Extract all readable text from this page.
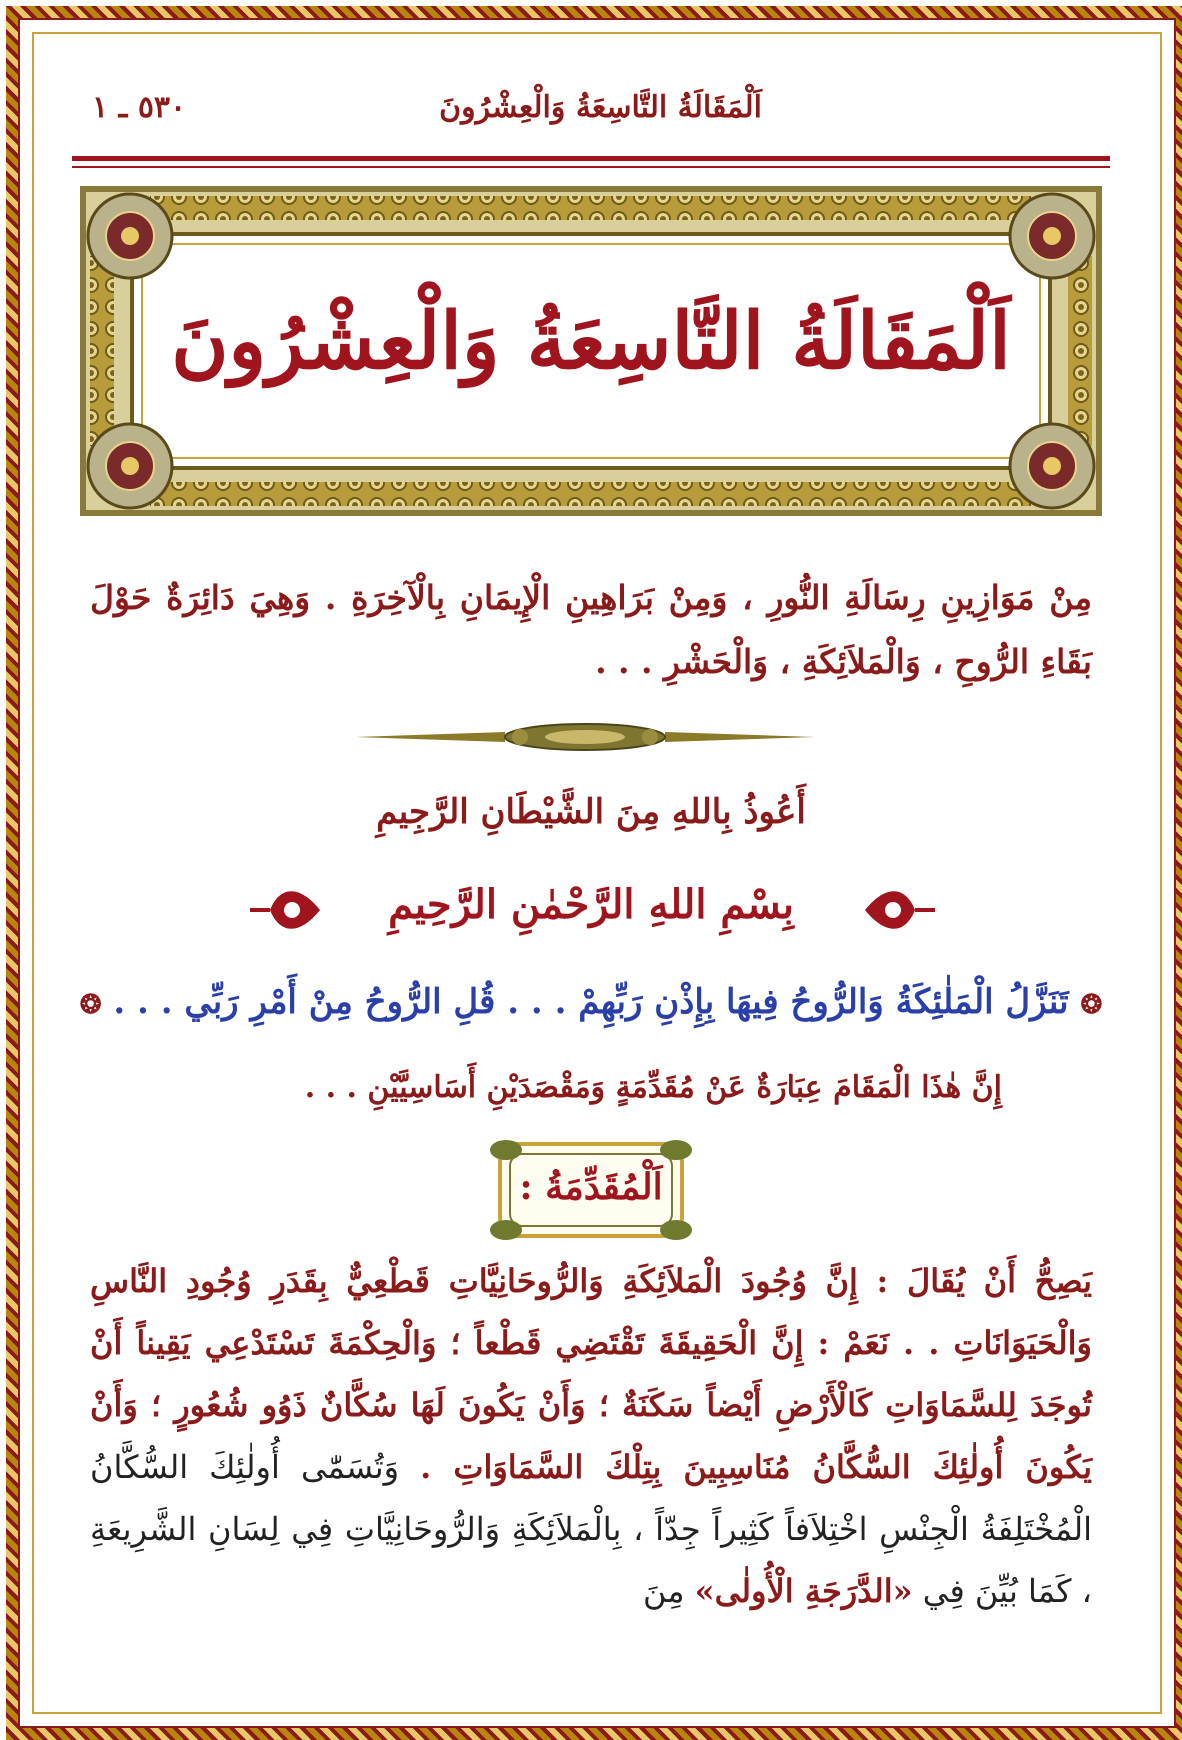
اَلْمَقَالَةُ التَّاسِعَةُ وَالْعِشْرُونَ
٥٣٠ ـ ١
اَلْمَقَالَةُ التَّاسِعَةُ وَالْعِشْرُونَ
مِنْ مَوَازِينِ رِسَالَةِ النُّورِ ، وَمِنْ بَرَاهِينِ الْإِيمَانِ بِالْآخِرَةِ . وَهِيَ دَائِرَةٌ حَوْلَ بَقَاءِ الرُّوحِ ، وَالْمَلاَئِكَةِ ، وَالْحَشْرِ . . .
أَعُوذُ بِاللهِ مِنَ الشَّيْطَانِ الرَّجِيمِ
بِسْمِ اللهِ الرَّحْمٰنِ الرَّحِيمِ
❂ تَنَزَّلُ الْمَلٰئِكَةُ وَالرُّوحُ فِيهَا بِإِذْنِ رَبِّهِمْ . . . قُلِ الرُّوحُ مِنْ أَمْرِ رَبِّي . . . ❂
إِنَّ هٰذَا الْمَقَامَ عِبَارَةٌ عَنْ مُقَدِّمَةٍ وَمَقْصَدَيْنِ أَسَاسِيَّيْنِ . . .
اَلْمُقَدِّمَةُ :
يَصِحُّ أَنْ يُقَالَ : إِنَّ وُجُودَ الْمَلاَئِكَةِ وَالرُّوحَانِيَّاتِ قَطْعِيٌّ بِقَدَرِ وُجُودِ النَّاسِ وَالْحَيَوَانَاتِ . . نَعَمْ : إِنَّ الْحَقِيقَةَ تَقْتَضِي قَطْعاً ؛ وَالْحِكْمَةَ تَسْتَدْعِي يَقِيناً أَنْ تُوجَدَ لِلسَّمَاوَاتِ كَالْأَرْضِ أَيْضاً سَكَنَةٌ ؛ وَأَنْ يَكُونَ لَهَا سُكَّانٌ ذَوُو شُعُورٍ ؛ وَأَنْ يَكُونَ أُولٰئِكَ السُّكَّانُ مُنَاسِبِينَ بِتِلْكَ السَّمَاوَاتِ . وَتُسَمّٰى أُولٰئِكَ السُّكَّانُ الْمُخْتَلِفَةُ الْجِنْسِ اخْتِلاَفاً كَثِيراً جِدّاً ، بِالْمَلاَئِكَةِ وَالرُّوحَانِيَّاتِ فِي لِسَانِ الشَّرِيعَةِ ، كَمَا بُيِّنَ فِي «الدَّرَجَةِ الْأُولٰى» مِنَ
